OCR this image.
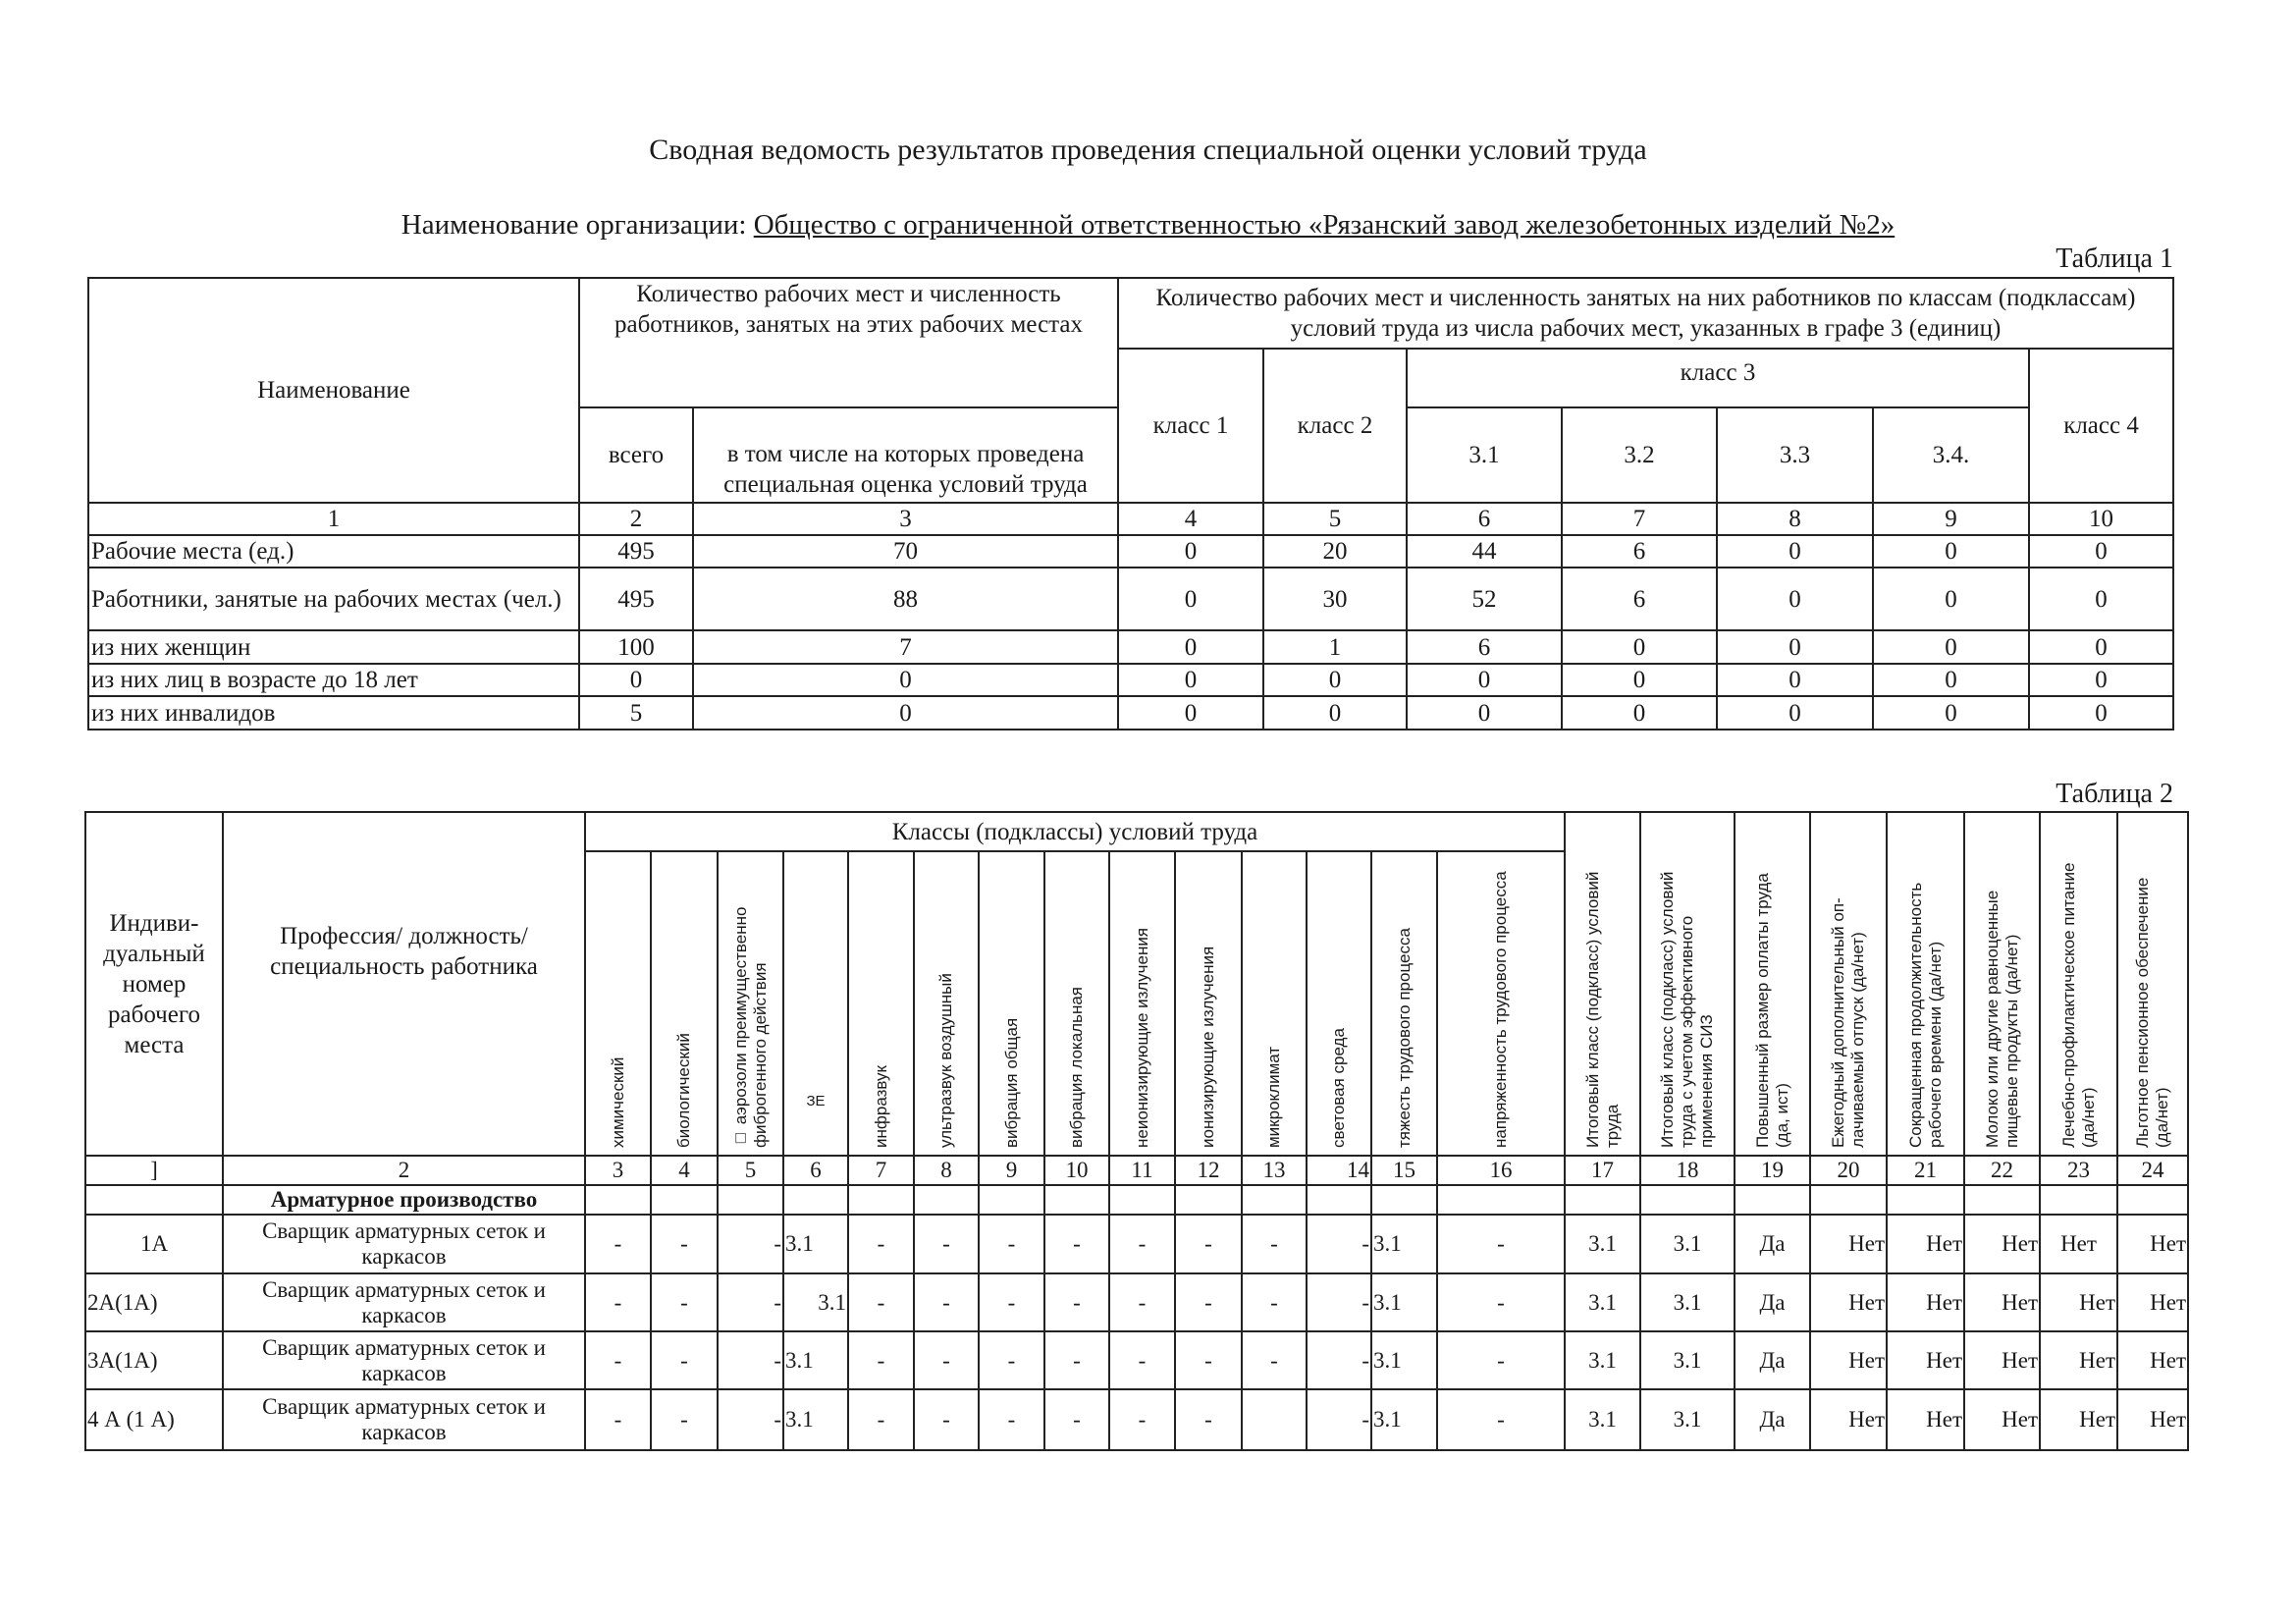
Сводная ведомость результатов проведения специальной оценки условий труда
Наименование организации: Общество с ограниченной ответственностью «Рязанский завод железобетонных изделий №2»
Таблица 1
Наименование	Количество рабочих мест и численность работников, занятых на этих рабочих местах		Количество рабочих мест и численность занятых на них работников по классам (подклассам) условий труда из числа рабочих мест, указанных в графе 3 (единиц)						
			класс 1	класс 2	класс 3				класс 4
	всего	в том числе на которых проведена специальная оценка условий труда			3.1	3.2	3.3	3.4.	
1	2	3	4	5	6	7	8	9	10
Рабочие места (ед.)	495	70	0	20	44	6	0	0	0
Работники, занятые на рабочих местах (чел.)	495	88	0	30	52	6	0	0	0
из них женщин	100	7	0	1	6	0	0	0	0
из них лиц в возрасте до 18 лет	0	0	0	0	0	0	0	0	0
из них инвалидов	5	0	0	0	0	0	0	0	0
Таблица 2
Индиви-дуальный номер рабочего места	Профессия/ должность/ специальность работника	Классы (подклассы) условий труда														Итоговый класс (подкласс) условий труда	Итоговый класс (подкласс) условий труда с учетом эффективного применения СИЗ	Повышенный размер оплаты труда (да, ист)	Ежегодный дополнительный оп-лачиваемый отпуск (да/нет)	Сокращенная продолжительность рабочего времени (да/нет)	Молоко или другие равноценные пищевые продукты (да/нет)	Лечебно-профилактическое питание (да/нет)	Льготное пенсионное обеспечение (да/нет)
		химический	биологический	□ аэрозоли преимущественно фиброгенного действия	ЗЕ	инфразвук	ультразвук воздушный	вибрация общая	вибрация локальная	неионизирующие излучения	ионизирующие излучения	микроклимат	световая среда	тяжесть трудового процесса	напряженность трудового процесса								
]	2	3	4	5	6	7	8	9	10	11	12	13	14	15	16	17	18	19	20	21	22	23	24
	Арматурное производство																						
1А	Сварщик арматурных сеток и каркасов	-	-	-	3.1	-	-	-	-	-	-	-	-	3.1	-	3.1	3.1	Да	Нет	Нет	Нет	Нет	Нет
2А(1А)	Сварщик арматурных сеток и каркасов	-	-	-	3.1	-	-	-	-	-	-	-	-	3.1	-	3.1	3.1	Да	Нет	Нет	Нет	Нет	Нет
3А(1А)	Сварщик арматурных сеток и каркасов	-	-	-	3.1	-	-	-	-	-	-	-	-	3.1	-	3.1	3.1	Да	Нет	Нет	Нет	Нет	Нет
4 А (1 А)	Сварщик арматурных сеток и каркасов	-	-	-	3.1	-	-	-	-	-	-		-	3.1	-	3.1	3.1	Да	Нет	Нет	Нет	Нет	Нет
